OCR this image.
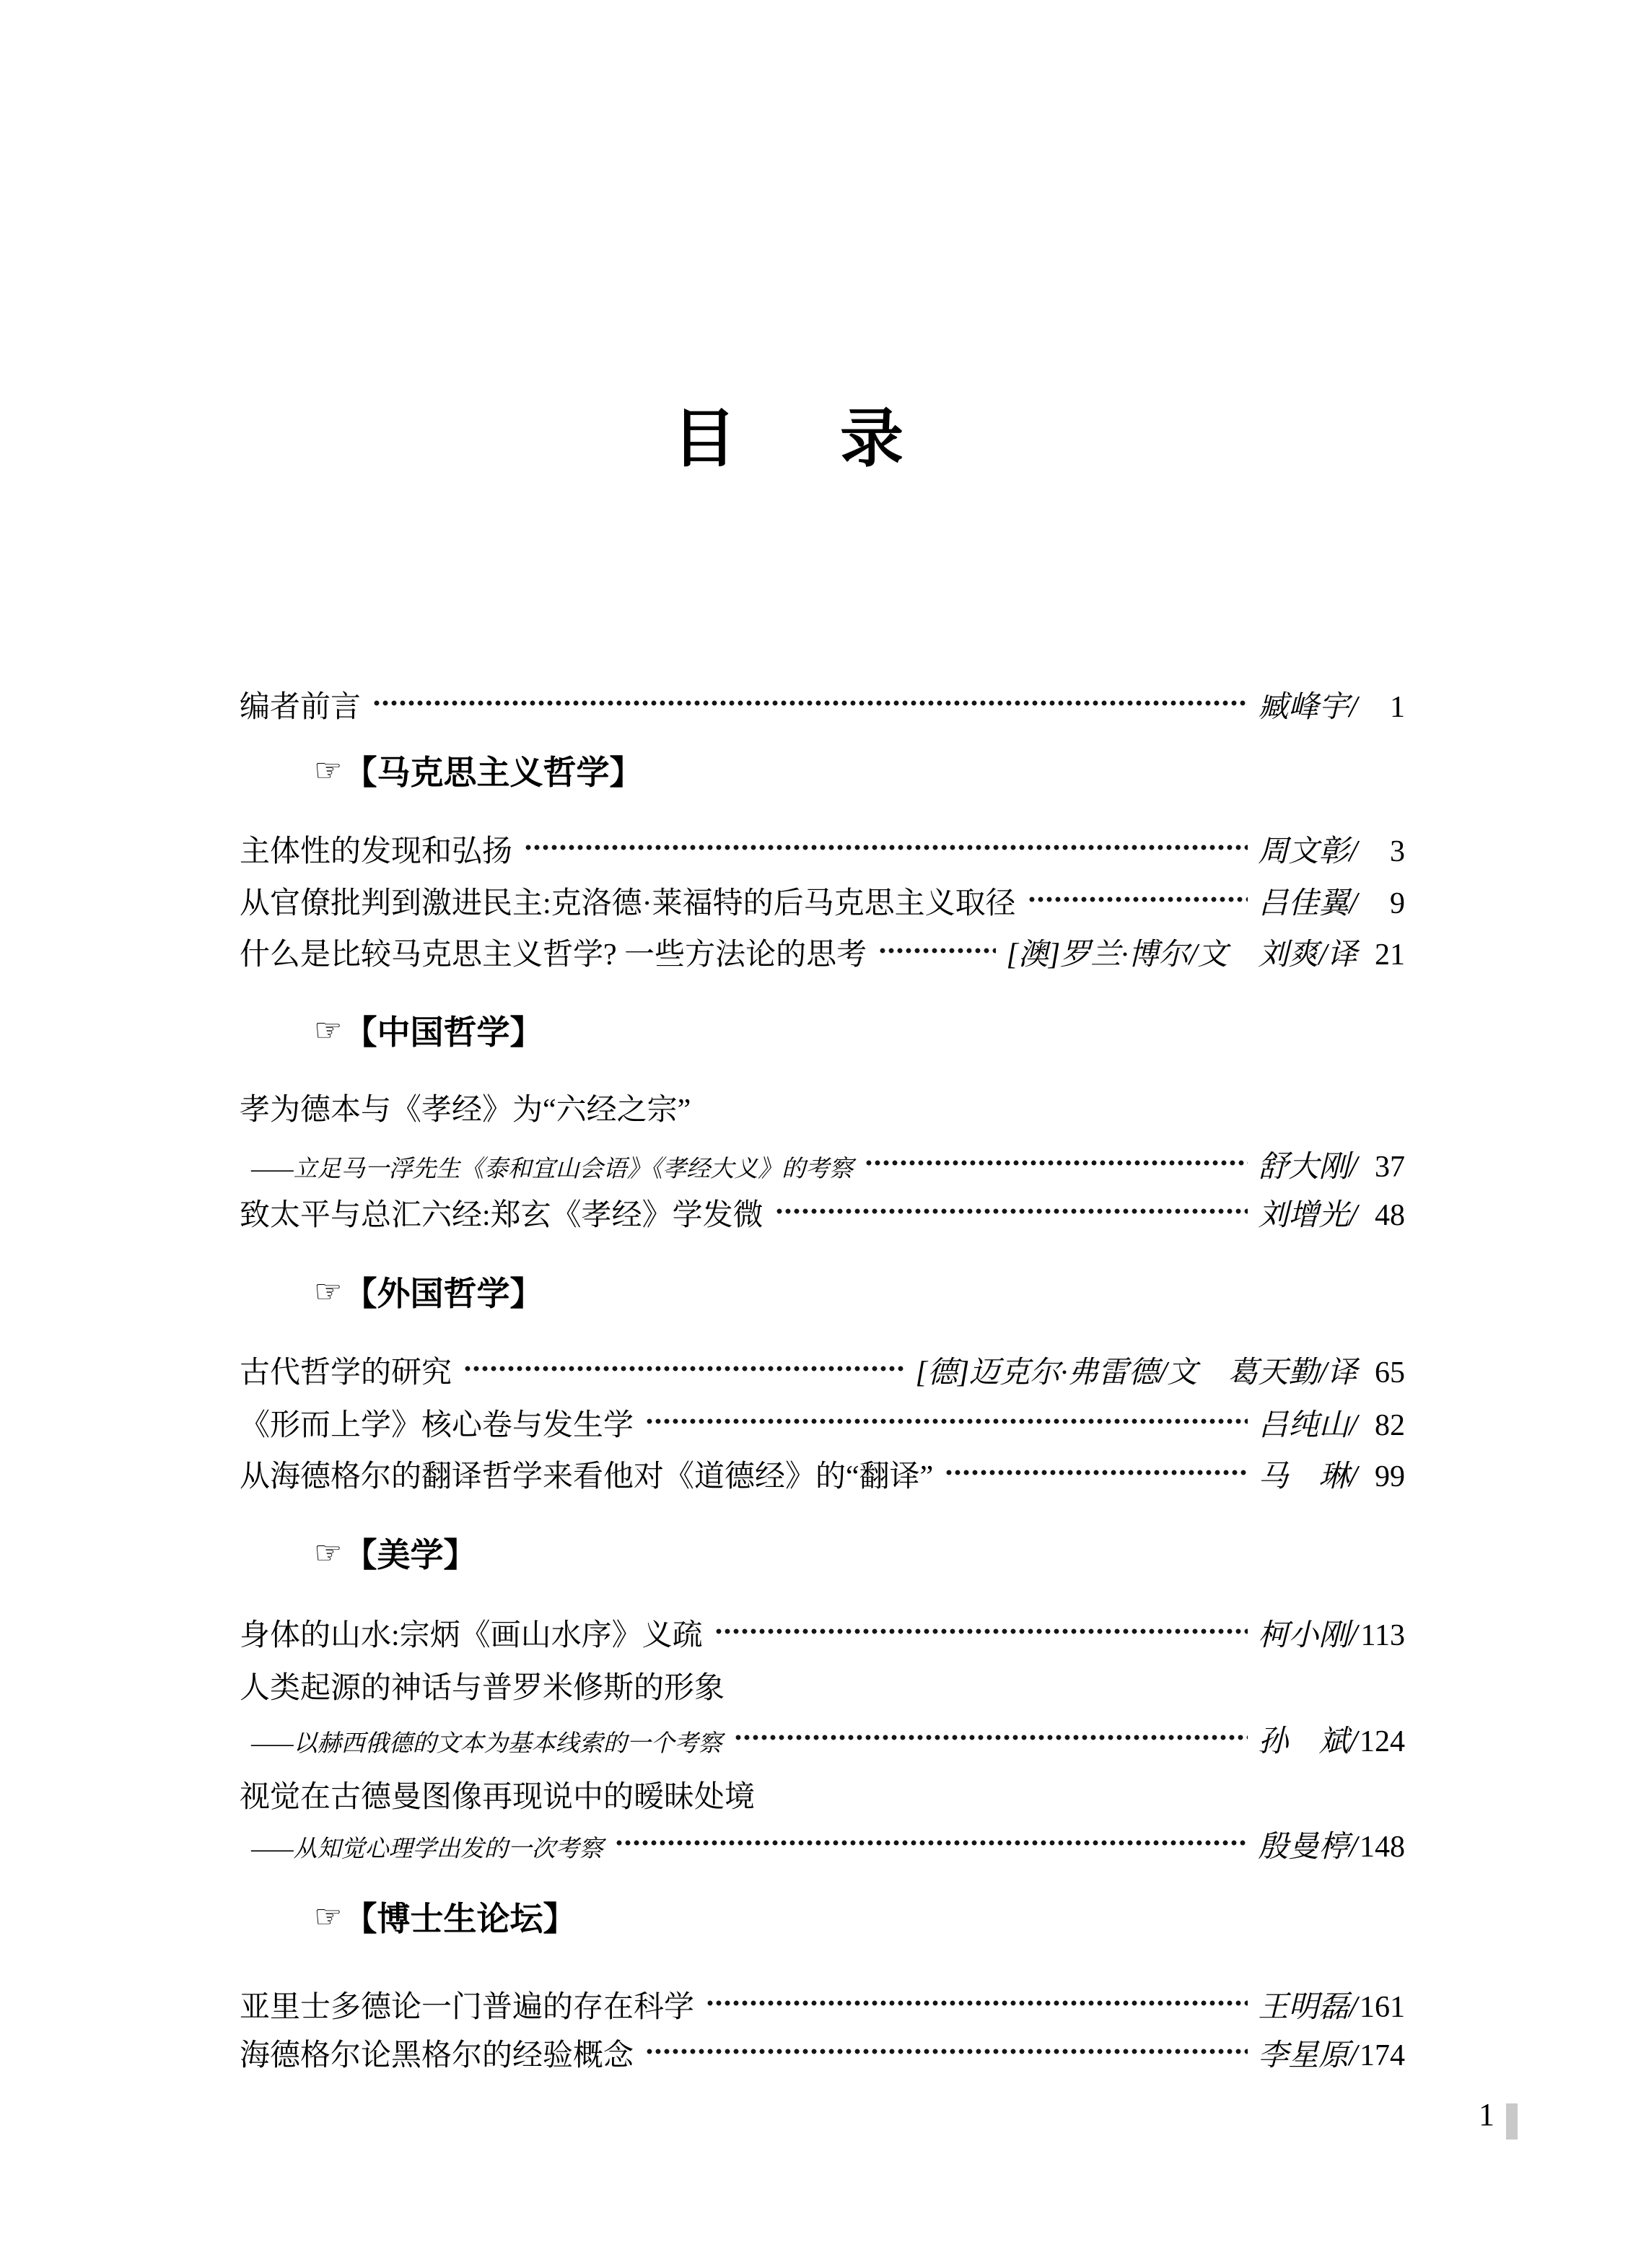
目　录
编者前言	臧峰宇/	1
☞ 【马克思主义哲学】
主体性的发现和弘扬	周文彰/	3
从官僚批判到激进民主:克洛德·莱福特的后马克思主义取径	吕佳翼/	9
什么是比较马克思主义哲学? 一些方法论的思考	[澳]罗兰·博尔/文　刘爽/译 21
☞ 【中国哲学】
孝为德本与《孝经》为“六经之宗”
——立足马一浮先生《泰和宜山会语》《孝经大义》的考察	舒大刚/ 37
致太平与总汇六经:郑玄《孝经》学发微	刘增光/ 48
☞ 【外国哲学】
古代哲学的研究	[德]迈克尔·弗雷德/文　葛天勤/译 65
《形而上学》核心卷与发生学	吕纯山/ 82
从海德格尔的翻译哲学来看他对《道德经》的“翻译”	马　琳/ 99
☞ 【美学】
身体的山水:宗炳《画山水序》义疏	柯小刚/ 113
人类起源的神话与普罗米修斯的形象
——以赫西俄德的文本为基本线索的一个考察	孙　斌/ 124
视觉在古德曼图像再现说中的暧昧处境
——从知觉心理学出发的一次考察	殷曼楟/ 148
☞ 【博士生论坛】
亚里士多德论一门普遍的存在科学	王明磊/ 161
海德格尔论黑格尔的经验概念	李星原/ 174
1
